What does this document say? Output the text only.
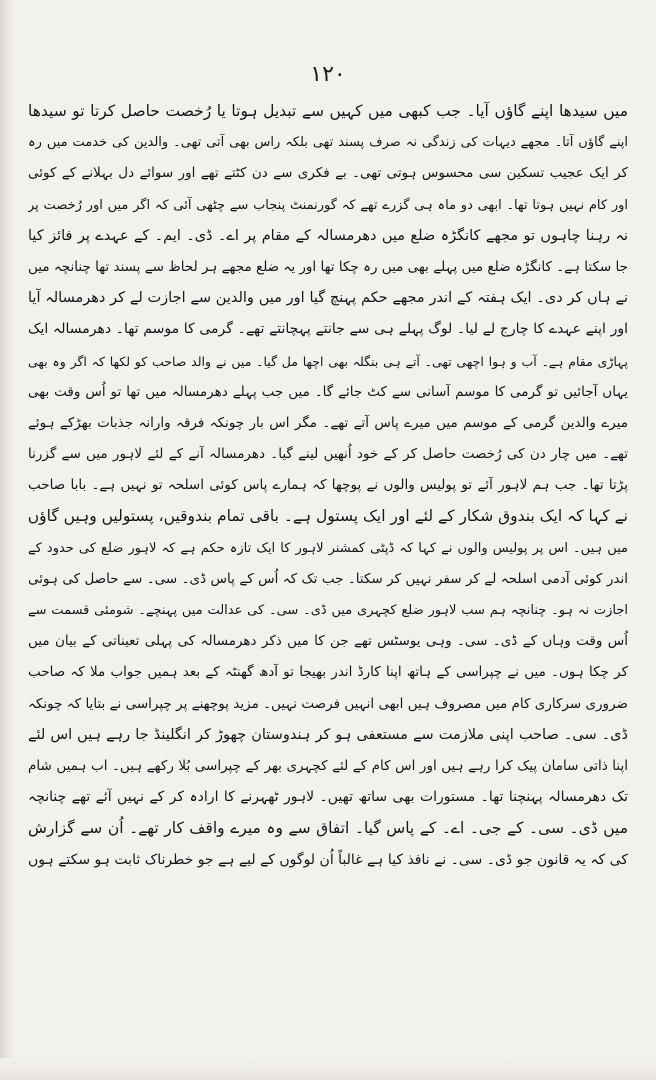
۱۲۰
میں سیدھا اپنے گاؤں آیا۔ جب کبھی میں کہیں سے تبدیل ہوتا یا رُخصت حاصل کرتا تو سیدھا
اپنے گاؤں آتا۔ مجھے دیہات کی زندگی نہ صرف پسند تھی بلکہ راس بھی آتی تھی۔ والدین کی خدمت میں رہ
کر ایک عجیب تسکین سی محسوس ہوتی تھی۔ بے فکری سے دن کٹتے تھے اور سوائے دل بہلانے کے کوئی
اور کام نہیں ہوتا تھا۔ ابھی دو ماہ ہی گزرے تھے کہ گورنمنٹ پنجاب سے چٹھی آئی کہ اگر میں اور رُخصت پر
نہ رہنا چاہوں تو مجھے کانگڑہ ضلع میں دھرمسالہ کے مقام پر اے۔ ڈی۔ ایم۔ کے عہدے پر فائز کیا
جا سکتا ہے۔ کانگڑہ ضلع میں پہلے بھی میں رہ چکا تھا اور یہ ضلع مجھے ہر لحاظ سے پسند تھا چنانچہ میں
نے ہاں کر دی۔ ایک ہفتہ کے اندر مجھے حکم پہنچ گیا اور میں والدین سے اجازت لے کر دھرمسالہ آیا
اور اپنے عہدے کا چارج لے لیا۔ لوگ پہلے ہی سے جانتے پہچانتے تھے۔ گرمی کا موسم تھا۔ دھرمسالہ ایک
پہاڑی مقام ہے۔ آب و ہوا اچھی تھی۔ آتے ہی بنگلہ بھی اچھا مل گیا۔ میں نے والد صاحب کو لکھا کہ اگر وہ بھی
یہاں آجائیں تو گرمی کا موسم آسانی سے کٹ جائے گا۔ میں جب پہلے دھرمسالہ میں تھا تو اُس وقت بھی
میرے والدین گرمی کے موسم میں میرے پاس آتے تھے۔ مگر اس بار چونکہ فرقہ وارانہ جذبات بھڑکے ہوئے
تھے۔ میں چار دن کی رُخصت حاصل کر کے خود اُنھیں لینے گیا۔ دھرمسالہ آنے کے لئے لاہور میں سے گزرنا
پڑتا تھا۔ جب ہم لاہور آئے تو پولیس والوں نے پوچھا کہ ہمارے پاس کوئی اسلحہ تو نہیں ہے۔ بابا صاحب
نے کہا کہ ایک بندوق شکار کے لئے اور ایک پستول ہے۔ باقی تمام بندوقیں، پستولیں وہیں گاؤں
میں ہیں۔ اس پر پولیس والوں نے کہا کہ ڈپٹی کمشنر لاہور کا ایک تازہ حکم ہے کہ لاہور ضلع کی حدود کے
اندر کوئی آدمی اسلحہ لے کر سفر نہیں کر سکتا۔ جب تک کہ اُس کے پاس ڈی۔ سی۔ سے حاصل کی ہوئی
اجازت نہ ہو۔ چنانچہ ہم سب لاہور ضلع کچہری میں ڈی۔ سی۔ کی عدالت میں پہنچے۔ شومئی قسمت سے
اُس وقت وہاں کے ڈی۔ سی۔ وہی یوسٹس تھے جن کا میں ذکر دھرمسالہ کی پہلی تعیناتی کے بیان میں
کر چکا ہوں۔ میں نے چپراسی کے ہاتھ اپنا کارڈ اندر بھیجا تو آدھ گھنٹہ کے بعد ہمیں جواب ملا کہ صاحب
ضروری سرکاری کام میں مصروف ہیں ابھی انہیں فرصت نہیں۔ مزید پوچھنے پر چپراسی نے بتایا کہ چونکہ
ڈی۔ سی۔ صاحب اپنی ملازمت سے مستعفی ہو کر ہندوستان چھوڑ کر انگلینڈ جا رہے ہیں اس لئے
اپنا ذاتی سامان پیک کرا رہے ہیں اور اس کام کے لئے کچہری بھر کے چپراسی بُلا رکھے ہیں۔ اب ہمیں شام
تک دھرمسالہ پہنچنا تھا۔ مستورات بھی ساتھ تھیں۔ لاہور ٹھہرنے کا ارادہ کر کے نہیں آئے تھے چنانچہ
میں ڈی۔ سی۔ کے جی۔ اے۔ کے پاس گیا۔ اتفاق سے وہ میرے واقف کار تھے۔ اُن سے گزارش
کی کہ یہ قانون جو ڈی۔ سی۔ نے نافذ کیا ہے غالباً اُن لوگوں کے لیے ہے جو خطرناک ثابت ہو سکتے ہوں
